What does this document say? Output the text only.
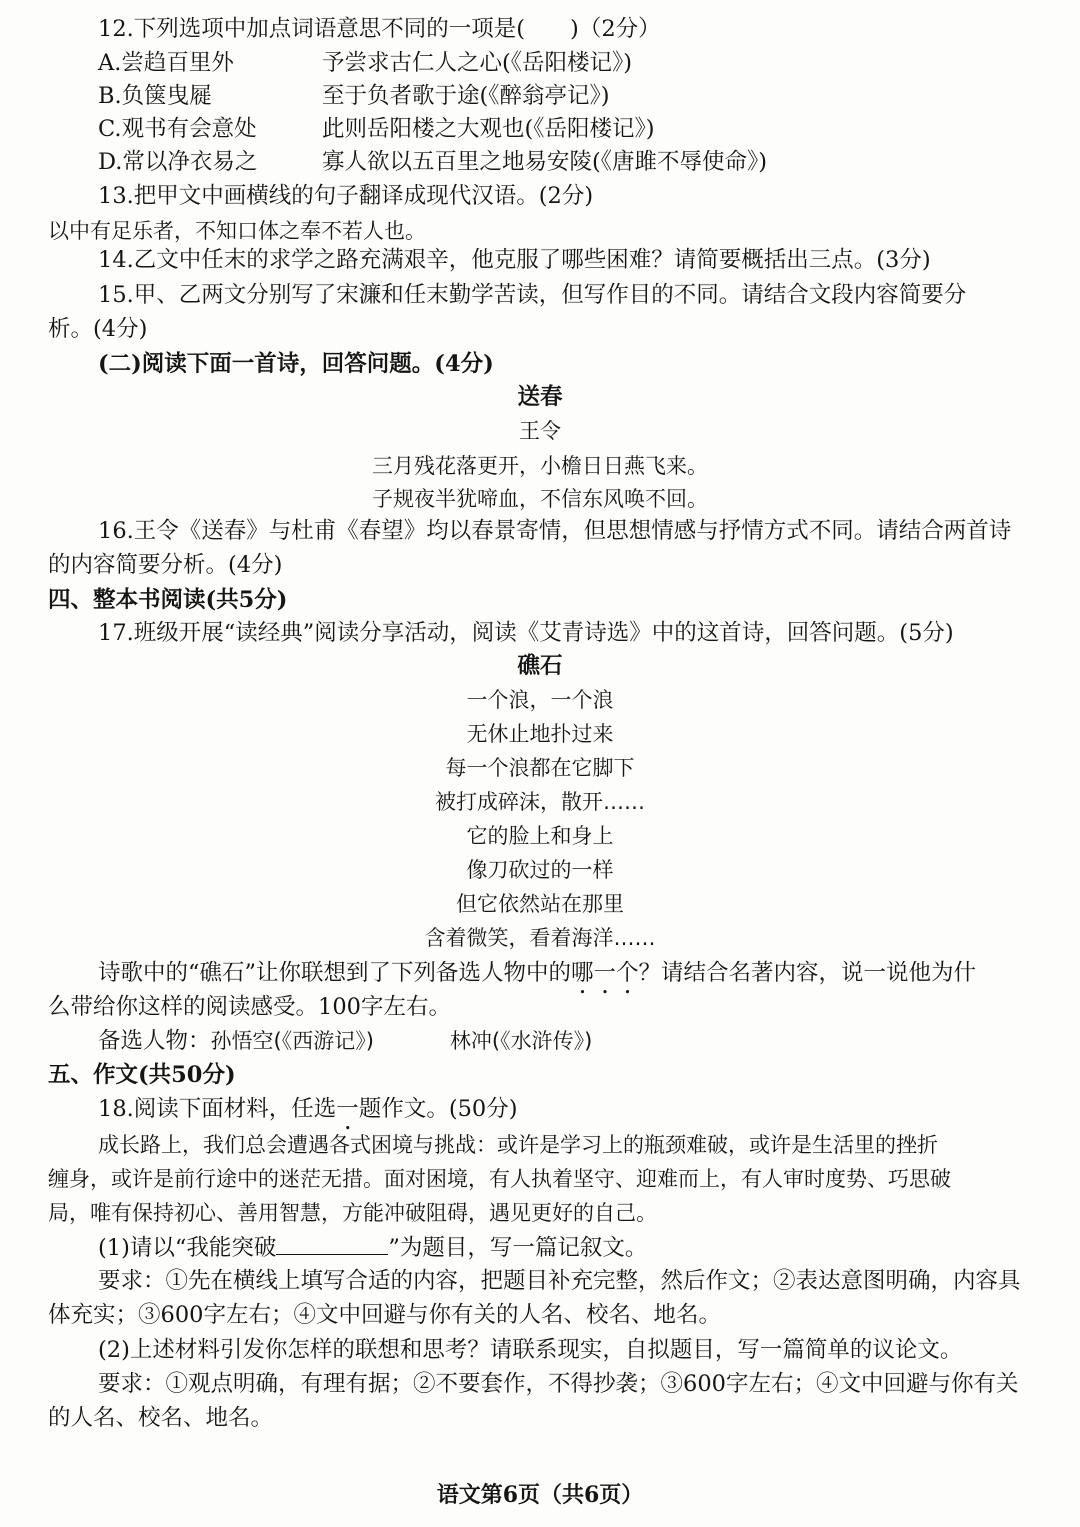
12.下列选项中加点词语意思不同的一项是(　　)（2分）
A.尝趋百里外	予尝求古仁人之心(《岳阳楼记》)
B.负箧曳屣	至于负者歌于途(《醉翁亭记》)
C.观书有会意处	此则岳阳楼之大观也(《岳阳楼记》)
D.常以净衣易之	寡人欲以五百里之地易安陵(《唐雎不辱使命》)
13.把甲文中画横线的句子翻译成现代汉语。(2分)
以中有足乐者，不知口体之奉不若人也。
14.乙文中任末的求学之路充满艰辛，他克服了哪些困难？请简要概括出三点。(3分)
15.甲、乙两文分别写了宋濂和任末勤学苦读，但写作目的不同。请结合文段内容简要分
析。(4分)
(二)阅读下面一首诗，回答问题。(4分)
送春
王令
三月残花落更开，小檐日日燕飞来。
子规夜半犹啼血，不信东风唤不回。
16.王令《送春》与杜甫《春望》均以春景寄情，但思想情感与抒情方式不同。请结合两首诗
的内容简要分析。(4分)
四、整本书阅读(共5分)
17.班级开展“读经典”阅读分享活动，阅读《艾青诗选》中的这首诗，回答问题。(5分)
礁石
一个浪，一个浪
无休止地扑过来
每一个浪都在它脚下
被打成碎沫，散开……
它的脸上和身上
像刀砍过的一样
但它依然站在那里
含着微笑，看着海洋……
诗歌中的“礁石”让你联想到了下列备选人物中的哪一个？请结合名著内容，说一说他为什
么带给你这样的阅读感受。100字左右。
备选人物：孙悟空(《西游记》)	林冲(《水浒传》)
五、作文(共50分)
18.阅读下面材料，任选一题作文。(50分)
成长路上，我们总会遭遇各式困境与挑战：或许是学习上的瓶颈难破，或许是生活里的挫折
缠身，或许是前行途中的迷茫无措。面对困境，有人执着坚守、迎难而上，有人审时度势、巧思破
局，唯有保持初心、善用智慧，方能冲破阻碍，遇见更好的自己。
(1)请以“我能突破	”为题目，写一篇记叙文。
要求：①先在横线上填写合适的内容，把题目补充完整，然后作文；②表达意图明确，内容具
体充实；③600字左右；④文中回避与你有关的人名、校名、地名。
(2)上述材料引发你怎样的联想和思考？请联系现实，自拟题目，写一篇简单的议论文。
要求：①观点明确，有理有据；②不要套作，不得抄袭；③600字左右；④文中回避与你有关
的人名、校名、地名。
语文第6页（共6页）
